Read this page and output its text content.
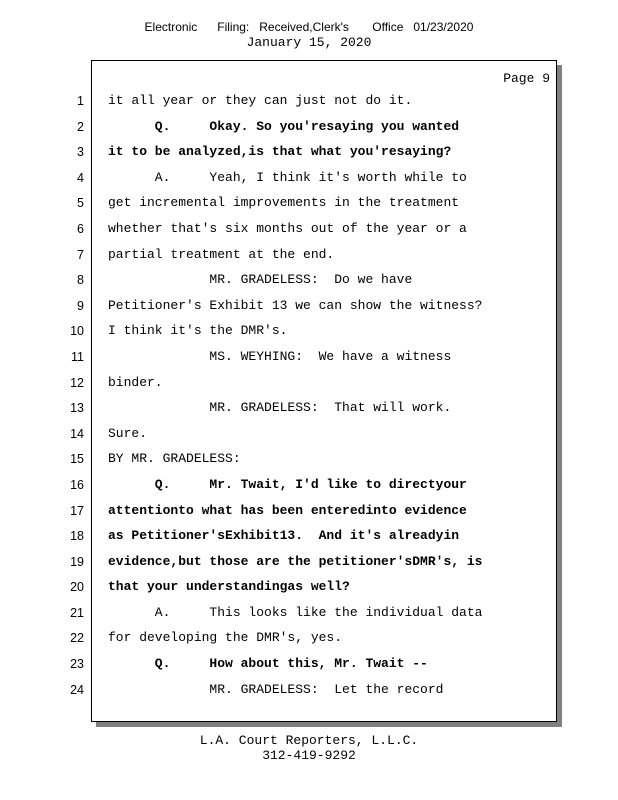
Electronic      Filing:   Received,Clerk's       Office   01/23/2020
January 15, 2020
Page 9
1 it all year or they can just not do it.
2 Q.     Okay. So you'resaying you wanted
3 it to be analyzed,is that what you'resaying?
4 A.     Yeah, I think it's worth while to
5 get incremental improvements in the treatment
6 whether that's six months out of the year or a
7 partial treatment at the end.
8 MR. GRADELESS:  Do we have
9 Petitioner's Exhibit 13 we can show the witness?
10 I think it's the DMR's.
11 MS. WEYHING:  We have a witness
12 binder.
13 MR. GRADELESS:  That will work.
14 Sure.
15 BY MR. GRADELESS:
16 Q.     Mr. Twait, I'd like to directyour
17 attentionto what has been enteredinto evidence
18 as Petitioner'sExhibit13.  And it's alreadyin
19 evidence,but those are the petitioner'sDMR's, is
20 that your understandingas well?
21 A.     This looks like the individual data
22 for developing the DMR's, yes.
23 Q.     How about this, Mr. Twait --
24 MR. GRADELESS:  Let the record
L.A. Court Reporters, L.L.C.
312-419-9292
